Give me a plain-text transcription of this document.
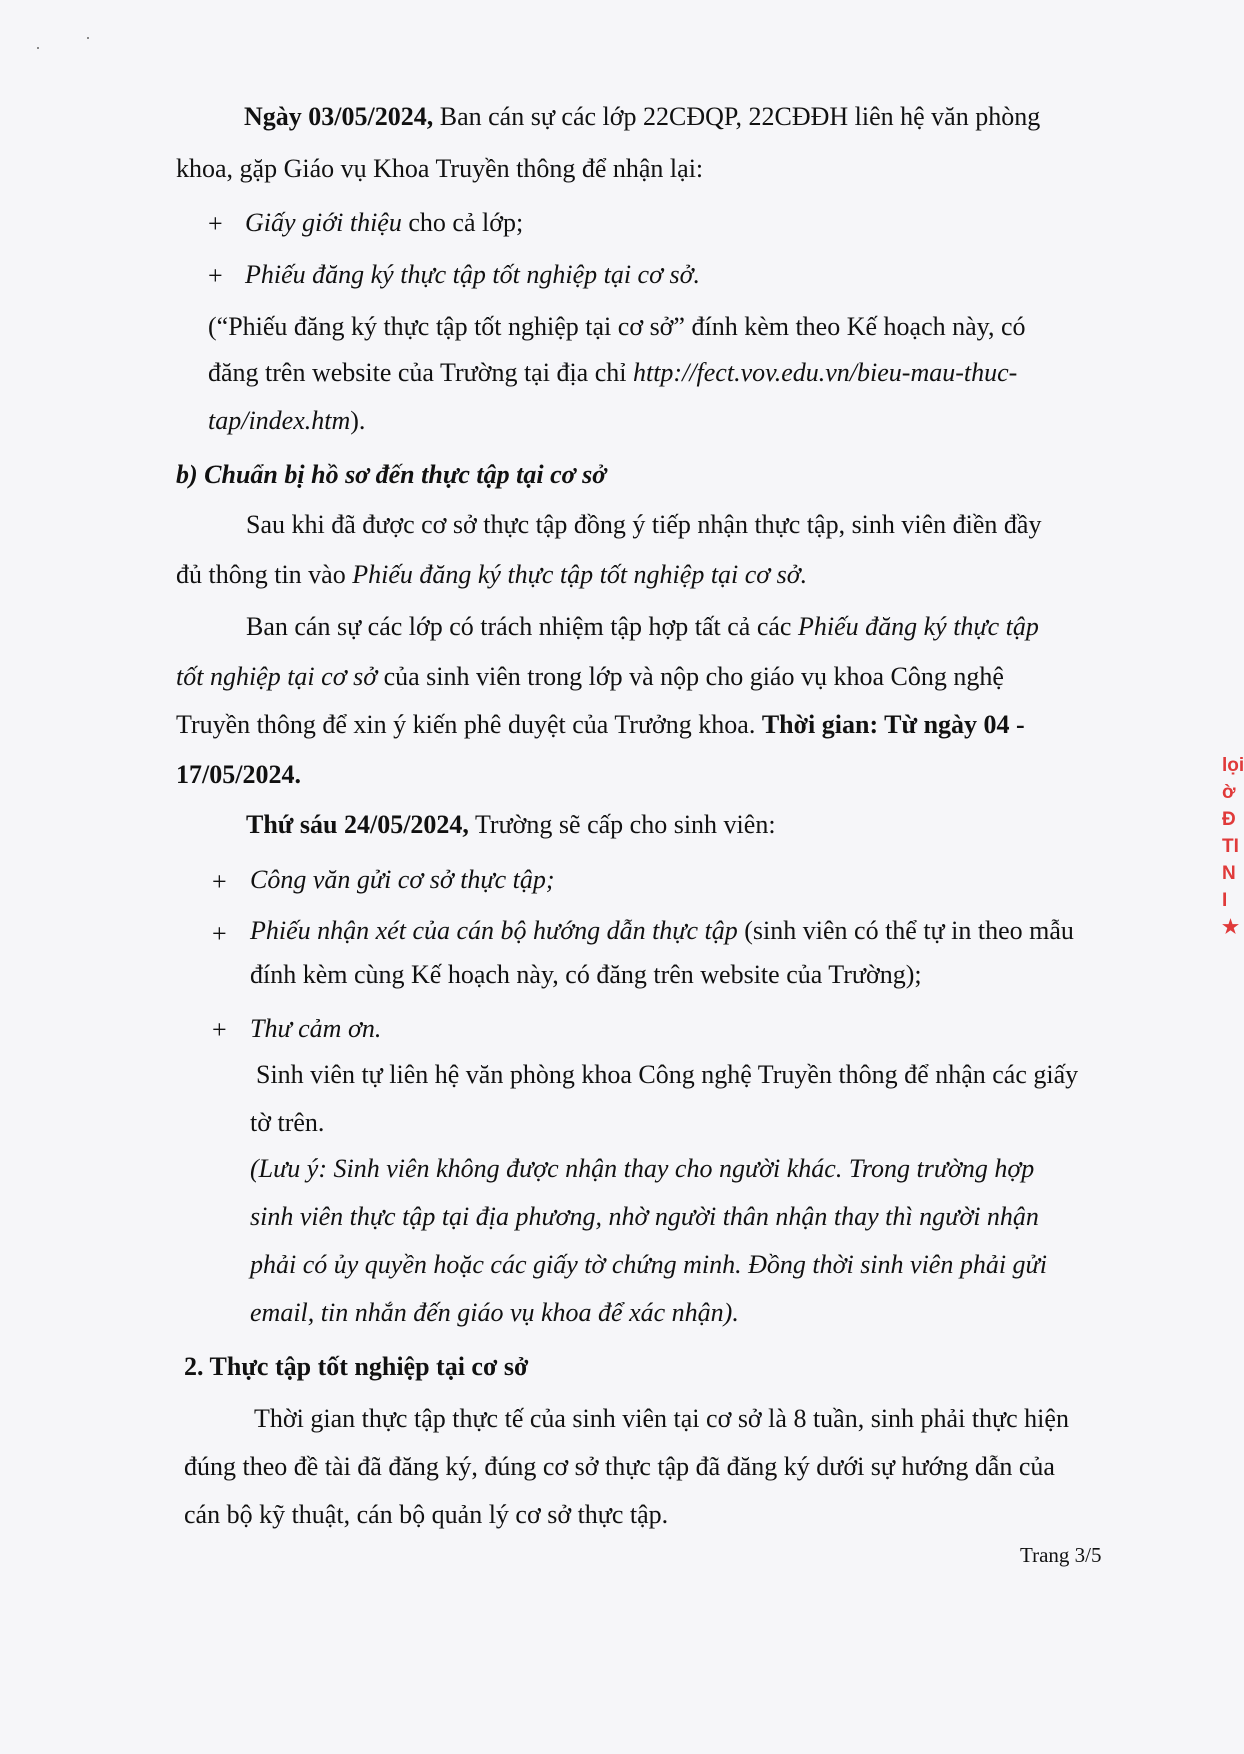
Ngày 03/05/2024, Ban cán sự các lớp 22CĐQP, 22CĐĐH liên hệ văn phòng
khoa, gặp Giáo vụ Khoa Truyền thông để nhận lại:
+ Giấy giới thiệu cho cả lớp;
+ Phiếu đăng ký thực tập tốt nghiệp tại cơ sở.
(“Phiếu đăng ký thực tập tốt nghiệp tại cơ sở” đính kèm theo Kế hoạch này, có
đăng trên website của Trường tại địa chỉ http://fect.vov.edu.vn/bieu-mau-thuc-
tap/index.htm).
b) Chuẩn bị hồ sơ đến thực tập tại cơ sở
Sau khi đã được cơ sở thực tập đồng ý tiếp nhận thực tập, sinh viên điền đầy
đủ thông tin vào Phiếu đăng ký thực tập tốt nghiệp tại cơ sở.
Ban cán sự các lớp có trách nhiệm tập hợp tất cả các Phiếu đăng ký thực tập
tốt nghiệp tại cơ sở của sinh viên trong lớp và nộp cho giáo vụ khoa Công nghệ
Truyền thông để xin ý kiến phê duyệt của Trưởng khoa. Thời gian: Từ ngày 04 -
17/05/2024.
Thứ sáu 24/05/2024, Trường sẽ cấp cho sinh viên:
+ Công văn gửi cơ sở thực tập;
+ Phiếu nhận xét của cán bộ hướng dẫn thực tập (sinh viên có thể tự in theo mẫu
đính kèm cùng Kế hoạch này, có đăng trên website của Trường);
+ Thư cảm ơn.
Sinh viên tự liên hệ văn phòng khoa Công nghệ Truyền thông để nhận các giấy
tờ trên.
(Lưu ý: Sinh viên không được nhận thay cho người khác. Trong trường hợp
sinh viên thực tập tại địa phương, nhờ người thân nhận thay thì người nhận
phải có ủy quyền hoặc các giấy tờ chứng minh. Đồng thời sinh viên phải gửi
email, tin nhắn đến giáo vụ khoa để xác nhận).
2. Thực tập tốt nghiệp tại cơ sở
Thời gian thực tập thực tế của sinh viên tại cơ sở là 8 tuần, sinh phải thực hiện
đúng theo đề tài đã đăng ký, đúng cơ sở thực tập đã đăng ký dưới sự hướng dẫn của
cán bộ kỹ thuật, cán bộ quản lý cơ sở thực tập.
Trang 3/5
lọi
ờ
Đ
TI
N
I
★
